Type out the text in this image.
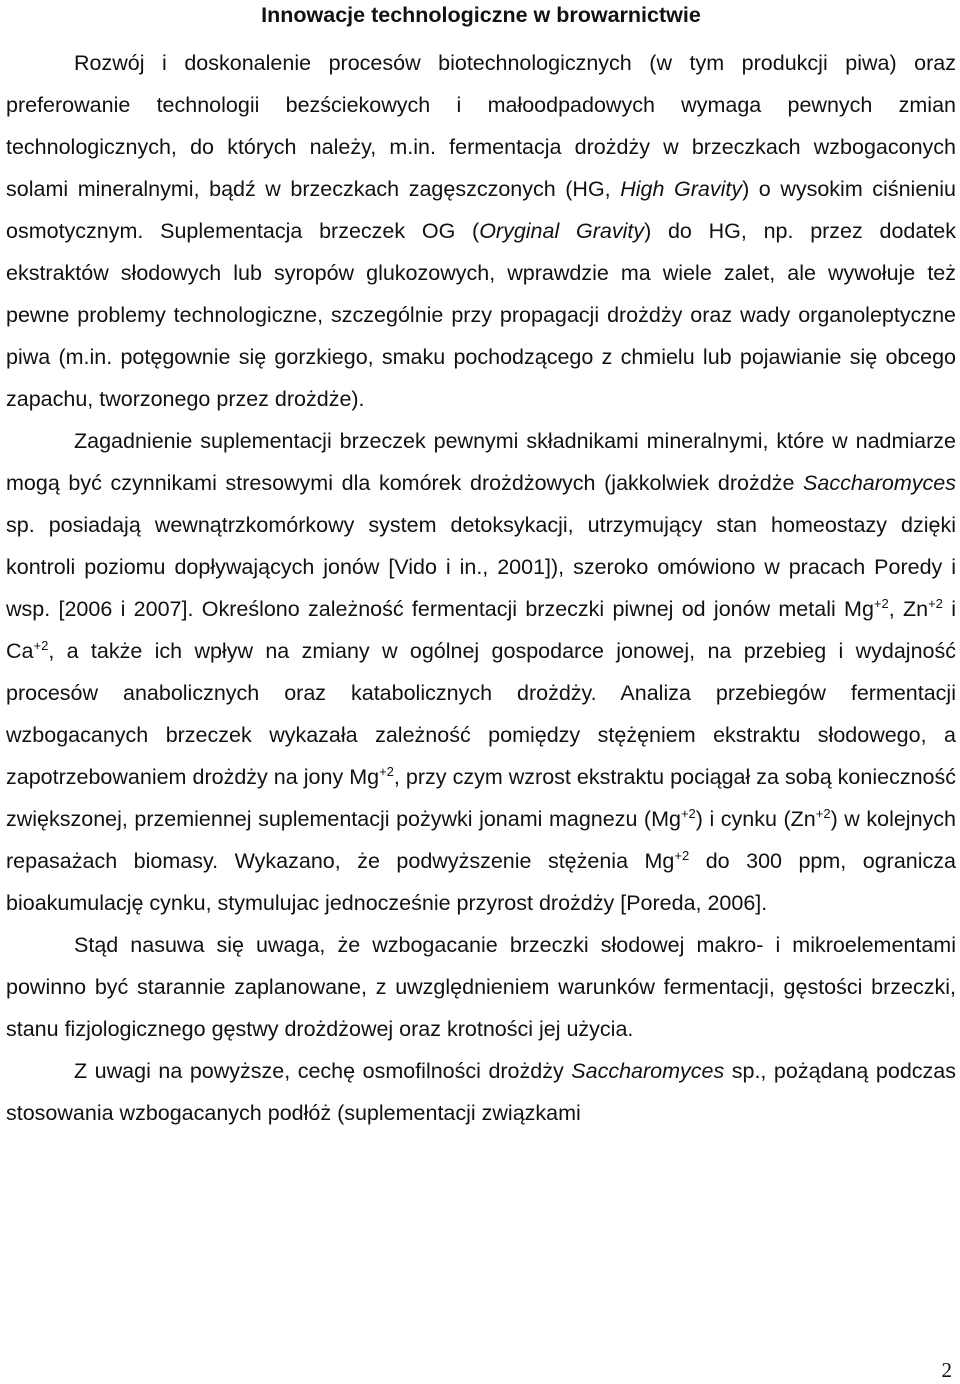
Innowacje technologiczne w browarnictwie

Rozwój i doskonalenie procesów biotechnologicznych (w tym produkcji piwa) oraz preferowanie technologii bezściekowych i małoodpadowych wymaga pewnych zmian technologicznych, do których należy, m.in. fermentacja drożdży w brzeczkach wzbogaconych solami mineralnymi, bądź w brzeczkach zagęszczonych (HG, High Gravity) o wysokim ciśnieniu osmotycznym. Suplementacja brzeczek OG (Oryginal Gravity) do HG, np. przez dodatek ekstraktów słodowych lub syropów glukozowych, wprawdzie ma wiele zalet, ale wywołuje też pewne problemy technologiczne, szczególnie przy propagacji drożdży oraz wady organoleptyczne piwa (m.in. potęgownie się gorzkiego, smaku pochodzącego z chmielu lub pojawianie się obcego zapachu, tworzonego przez drożdże).

Zagadnienie suplementacji brzeczek pewnymi składnikami mineralnymi, które w nadmiarze mogą być czynnikami stresowymi dla komórek drożdżowych (jakkolwiek drożdże Saccharomyces sp. posiadają wewnątrzkomórkowy system detoksykacji, utrzymujący stan homeostazy dzięki kontroli poziomu dopływających jonów [Vido i in., 2001]), szeroko omówiono w pracach Poredy i wsp. [2006 i 2007]. Określono zależność fermentacji brzeczki piwnej od jonów metali $Mg^{+2}$, $Zn^{+2}$ i $Ca^{+2}$, a także ich wpływ na zmiany w ogólnej gospodarce jonowej, na przebieg i wydajność procesów anabolicznych oraz katabolicznych drożdży. Analiza przebiegów fermentacji wzbogacanych brzeczek wykazała zależność pomiędzy stężęniem ekstraktu słodowego, a zapotrzebowaniem drożdży na jony $Mg^{+2}$, przy czym wzrost ekstraktu pociągał za sobą konieczność zwiększonej, przemiennej suplementacji pożywki jonami magnezu $(Mg^{+2})$ i cynku $(Zn^{+2})$ w kolejnych repasażach biomasy. Wykazano, że podwyższenie stężenia $Mg^{+2}$ do 300 ppm, ogranicza bioakumulację cynku, stymulujac jednocześnie przyrost drożdży [Poreda, 2006].

Stąd nasuwa się uwaga, że wzbogacanie brzeczki słodowej makro- i mikroelementami powinno być starannie zaplanowane, z uwzględnieniem warunków fermentacji, gęstości brzeczki, stanu fizjologicznego gęstwy drożdżowej oraz krotności jej użycia.

Z uwagi na powyższe, cechę osmofilności drożdży Saccharomyces sp., pożądaną podczas stosowania wzbogacanych podłóż (suplementacji związkami

2
